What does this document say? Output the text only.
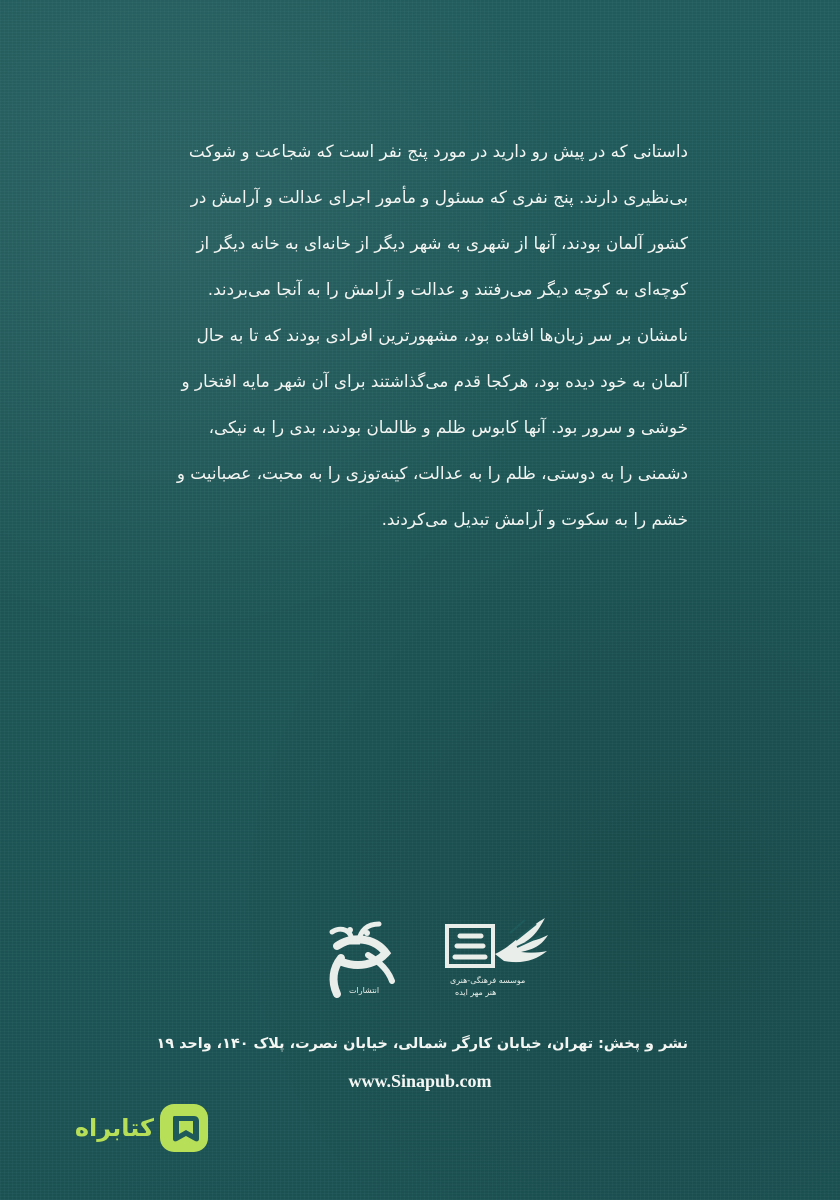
داستانی که در پیش رو دارید در مورد پنج نفر است که شجاعت و شوکت
بی‌نظیری دارند. پنج نفری که مسئول و مأمور اجرای عدالت و آرامش در
کشور آلمان بودند، آنها از شهری به شهر دیگر از خانه‌ای به خانه دیگر از
کوچه‌ای به کوچه دیگر می‌رفتند و عدالت و آرامش را به آنجا می‌بردند.
نامشان بر سر زبان‌ها افتاده بود، مشهورترین افرادی بودند که تا به حال
آلمان به خود دیده بود، هرکجا قدم می‌گذاشتند برای آن شهر مایه افتخار و
خوشی و سرور بود. آنها کابوس ظلم و ظالمان بودند، بدی را به نیکی،
دشمنی را به دوستی، ظلم را به عدالت، کینه‌توزی را به محبت، عصبانیت و
خشم را به سکوت و آرامش تبدیل می‌کردند.
انتشارات
موسسه فرهنگی-هنری
هنر مهر ایده
نشر و پخش: تهران، خیابان کارگر شمالی، خیابان نصرت، پلاک ۱۴۰، واحد ۱۹
www.Sinapub.com
کتابراه
